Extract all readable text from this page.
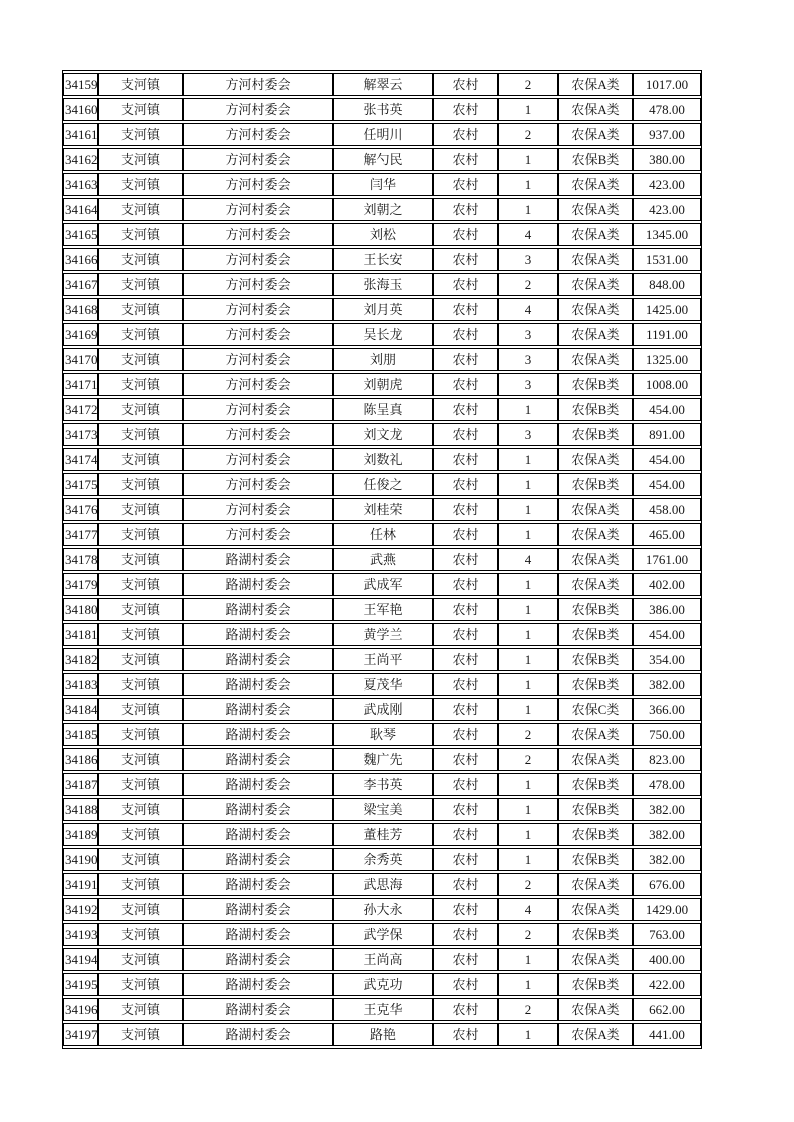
34159	支河镇	方河村委会	解翠云	农村	2	农保A类	1017.00
34160	支河镇	方河村委会	张书英	农村	1	农保A类	478.00
34161	支河镇	方河村委会	任明川	农村	2	农保A类	937.00
34162	支河镇	方河村委会	解勺民	农村	1	农保B类	380.00
34163	支河镇	方河村委会	闫华	农村	1	农保A类	423.00
34164	支河镇	方河村委会	刘朝之	农村	1	农保A类	423.00
34165	支河镇	方河村委会	刘松	农村	4	农保A类	1345.00
34166	支河镇	方河村委会	王长安	农村	3	农保A类	1531.00
34167	支河镇	方河村委会	张海玉	农村	2	农保A类	848.00
34168	支河镇	方河村委会	刘月英	农村	4	农保A类	1425.00
34169	支河镇	方河村委会	吴长龙	农村	3	农保A类	1191.00
34170	支河镇	方河村委会	刘朋	农村	3	农保A类	1325.00
34171	支河镇	方河村委会	刘朝虎	农村	3	农保B类	1008.00
34172	支河镇	方河村委会	陈呈真	农村	1	农保B类	454.00
34173	支河镇	方河村委会	刘文龙	农村	3	农保B类	891.00
34174	支河镇	方河村委会	刘数礼	农村	1	农保A类	454.00
34175	支河镇	方河村委会	任俊之	农村	1	农保B类	454.00
34176	支河镇	方河村委会	刘桂荣	农村	1	农保A类	458.00
34177	支河镇	方河村委会	任林	农村	1	农保A类	465.00
34178	支河镇	路湖村委会	武燕	农村	4	农保A类	1761.00
34179	支河镇	路湖村委会	武成军	农村	1	农保A类	402.00
34180	支河镇	路湖村委会	王军艳	农村	1	农保B类	386.00
34181	支河镇	路湖村委会	黄学兰	农村	1	农保B类	454.00
34182	支河镇	路湖村委会	王尚平	农村	1	农保B类	354.00
34183	支河镇	路湖村委会	夏茂华	农村	1	农保B类	382.00
34184	支河镇	路湖村委会	武成刚	农村	1	农保C类	366.00
34185	支河镇	路湖村委会	耿琴	农村	2	农保A类	750.00
34186	支河镇	路湖村委会	魏广先	农村	2	农保A类	823.00
34187	支河镇	路湖村委会	李书英	农村	1	农保B类	478.00
34188	支河镇	路湖村委会	梁宝美	农村	1	农保B类	382.00
34189	支河镇	路湖村委会	董桂芳	农村	1	农保B类	382.00
34190	支河镇	路湖村委会	余秀英	农村	1	农保B类	382.00
34191	支河镇	路湖村委会	武思海	农村	2	农保A类	676.00
34192	支河镇	路湖村委会	孙大永	农村	4	农保A类	1429.00
34193	支河镇	路湖村委会	武学保	农村	2	农保B类	763.00
34194	支河镇	路湖村委会	王尚高	农村	1	农保A类	400.00
34195	支河镇	路湖村委会	武克功	农村	1	农保B类	422.00
34196	支河镇	路湖村委会	王克华	农村	2	农保A类	662.00
34197	支河镇	路湖村委会	路艳	农村	1	农保A类	441.00
